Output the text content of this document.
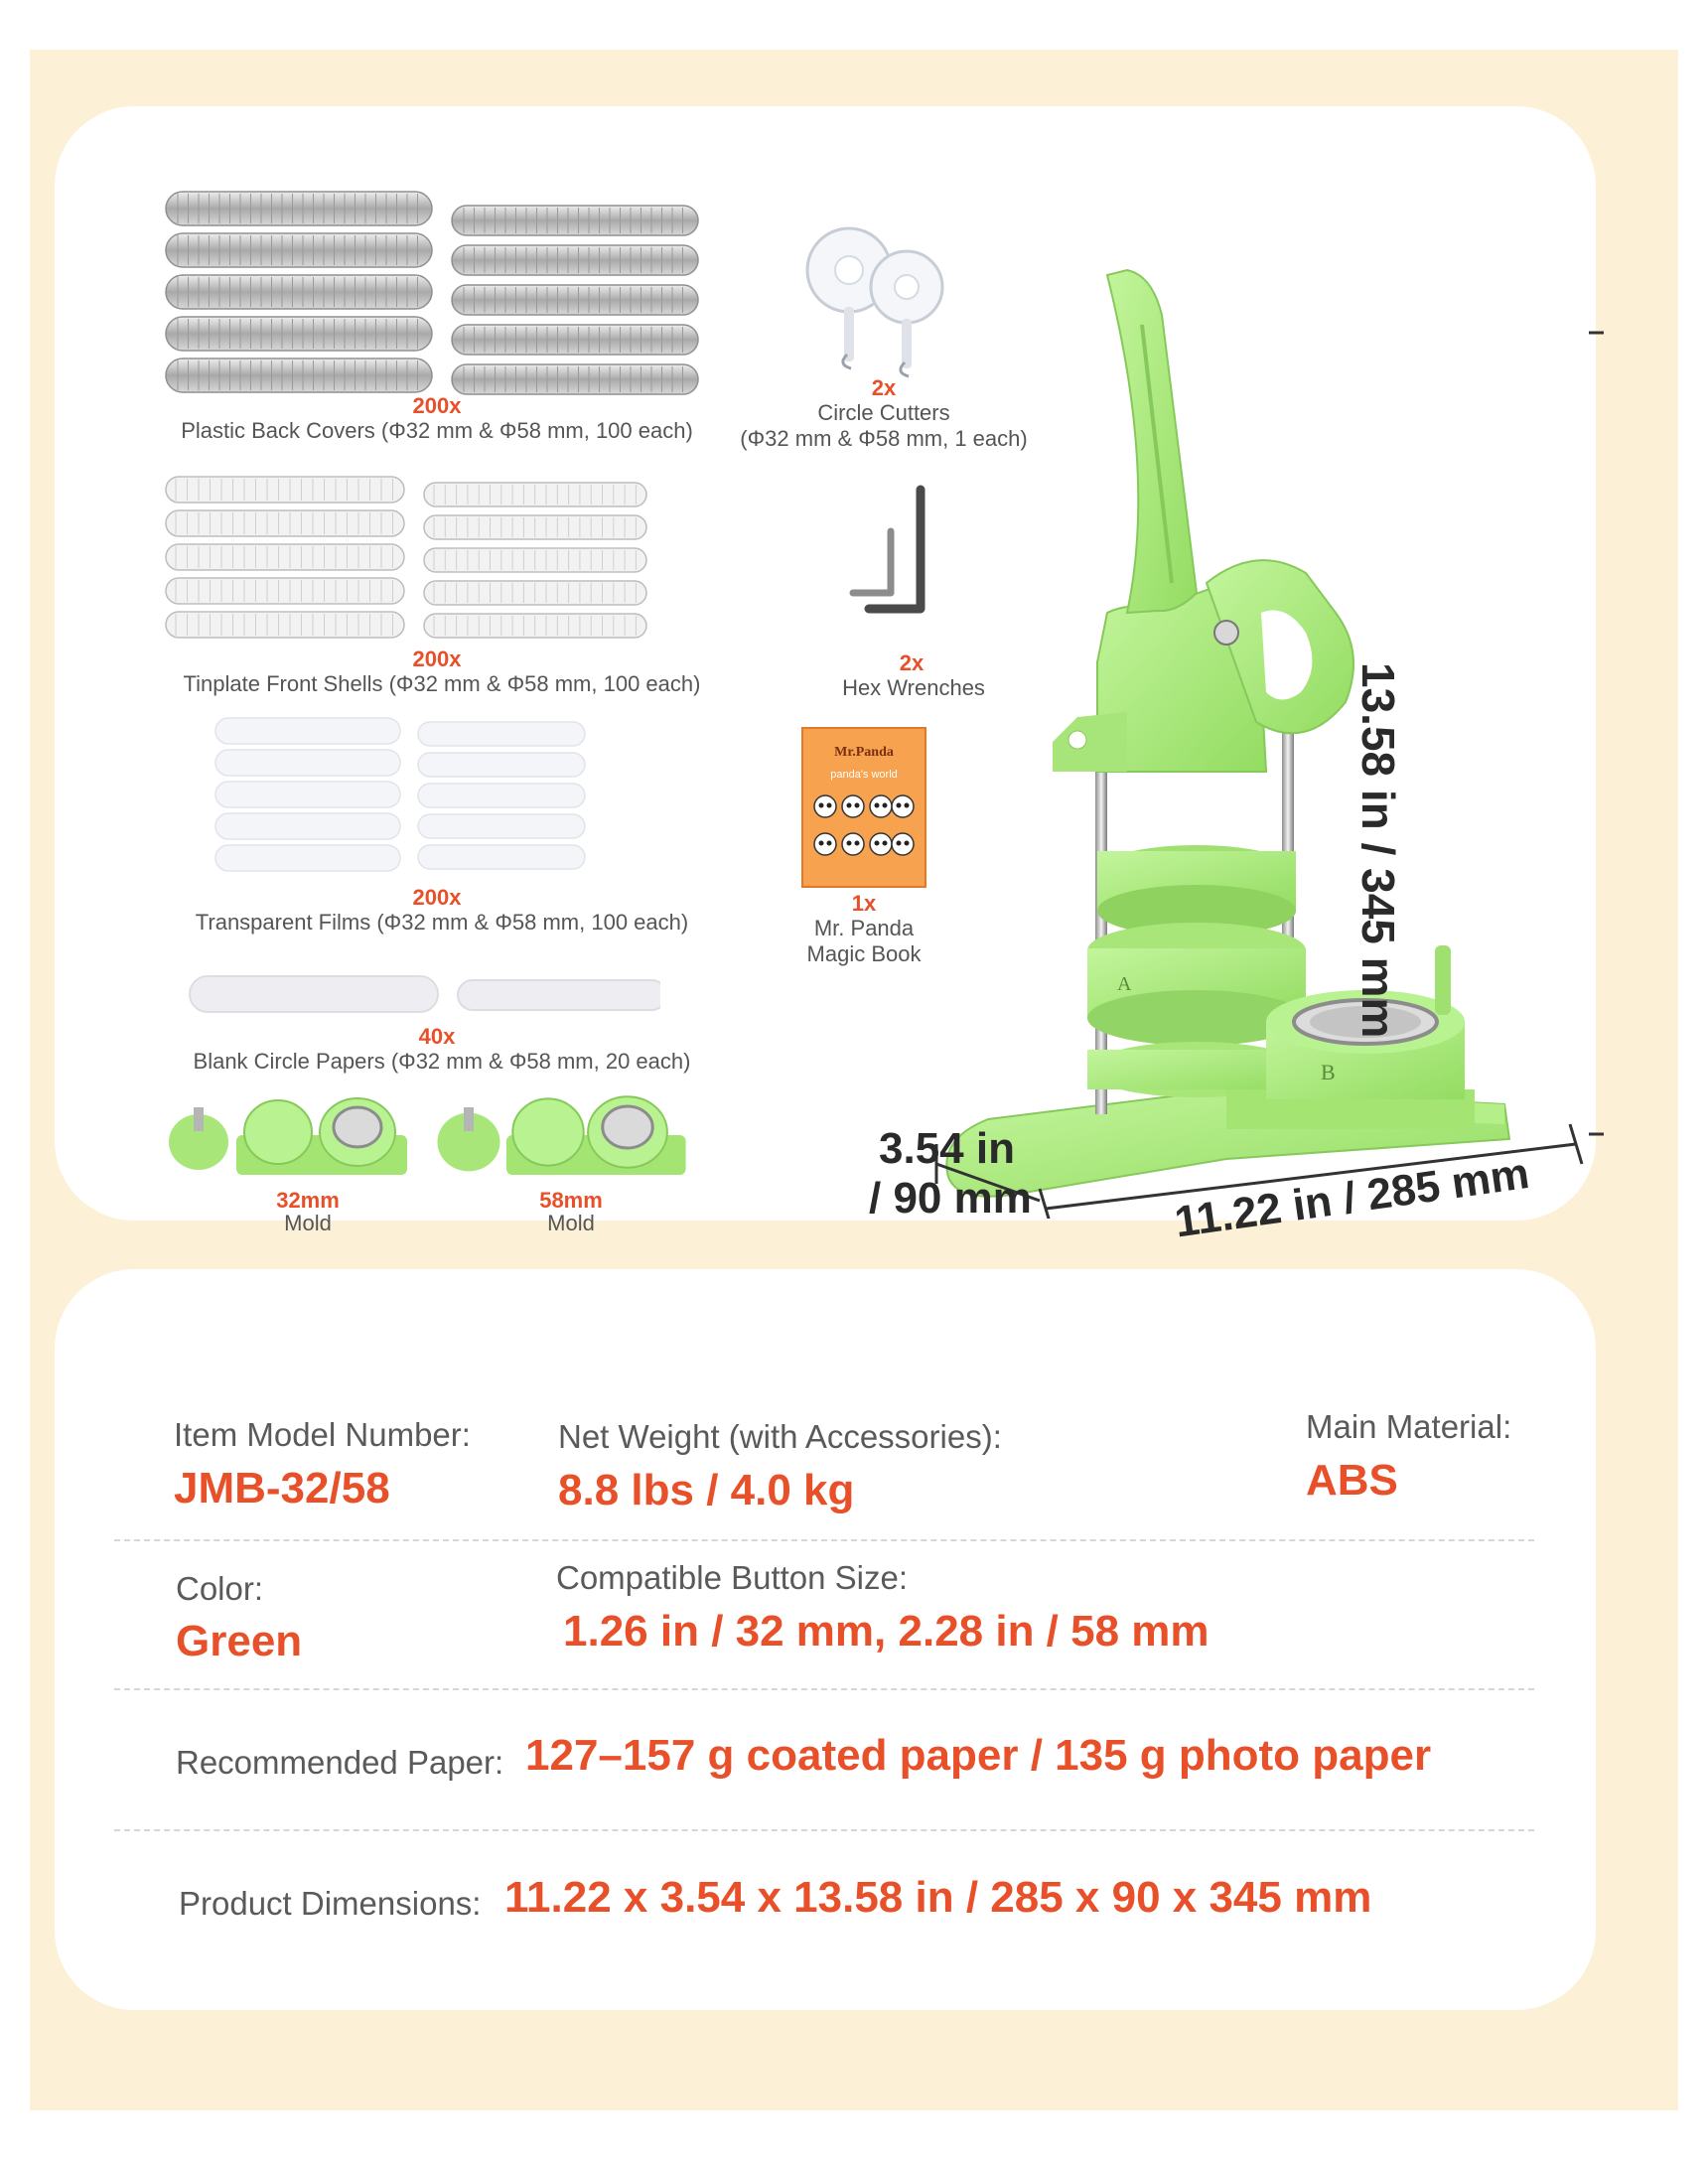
200x
Plastic Back Covers (Φ32 mm & Φ58 mm, 100 each)
2x
Circle Cutters
(Φ32 mm & Φ58 mm, 1 each)
200x
Tinplate Front Shells (Φ32 mm & Φ58 mm, 100 each)
2x
Hex Wrenches
200x
Transparent Films (Φ32 mm & Φ58 mm, 100 each)
Mr.Panda
panda's world
1x
Mr. Panda
Magic Book
40x
Blank Circle Papers (Φ32 mm & Φ58 mm, 20 each)
32mm
Mold
58mm
Mold
B
A	13.58 in / 345 mm
11.22 in / 285 mm
3.54 in
/ 90 mm
Item Model Number:
JMB-32/58
Net Weight (with Accessories):
8.8 lbs / 4.0 kg
Main Material:
ABS
Color:
Green
Compatible Button Size:
1.26 in / 32 mm, 2.28 in / 58 mm
Recommended Paper: 127–157 g coated paper / 135 g photo paper
Product Dimensions: 11.22 x 3.54 x 13.58 in / 285 x 90 x 345 mm
